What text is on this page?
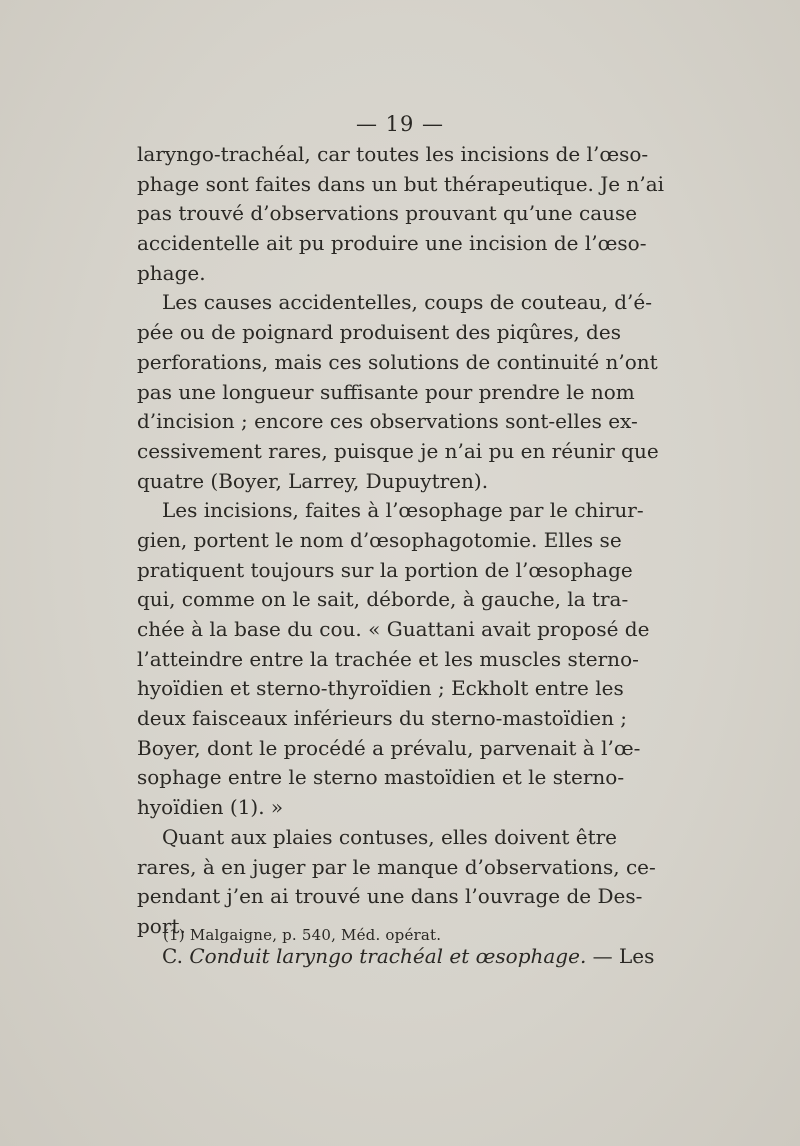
— 19 —
laryngo-trachéal, car toutes les incisions de l’œso-
phage sont faites dans un but thérapeutique. Je n’ai
pas trouvé d’observations prouvant qu’une cause
accidentelle ait pu produire une incision de l’œso-
phage.
Les causes accidentelles, coups de couteau, d’é-
pée ou de poignard produisent des piqûres, des
perforations, mais ces solutions de continuité n’ont
pas une longueur suffisante pour prendre le nom
d’incision ; encore ces observations sont-elles ex-
cessivement rares, puisque je n’ai pu en réunir que
quatre (Boyer, Larrey, Dupuytren).
Les incisions, faites à l’œsophage par le chirur-
gien, portent le nom d’œsophagotomie. Elles se
pratiquent toujours sur la portion de l’œsophage
qui, comme on le sait, déborde, à gauche, la tra-
chée à la base du cou. « Guattani avait proposé de
l’atteindre entre la trachée et les muscles sterno-
hyoïdien et sterno-thyroïdien ; Eckholt entre les
deux faisceaux inférieurs du sterno-mastoïdien ;
Boyer, dont le procédé a prévalu, parvenait à l’œ-
sophage entre le sterno mastoïdien et le sterno-
hyoïdien (1). »
Quant aux plaies contuses, elles doivent être
rares, à en juger par le manque d’observations, ce-
pendant j’en ai trouvé une dans l’ouvrage de Des-
port.
C. Conduit laryngo trachéal et œsophage. — Les
(1) Malgaigne, p. 540, Méd. opérat.
